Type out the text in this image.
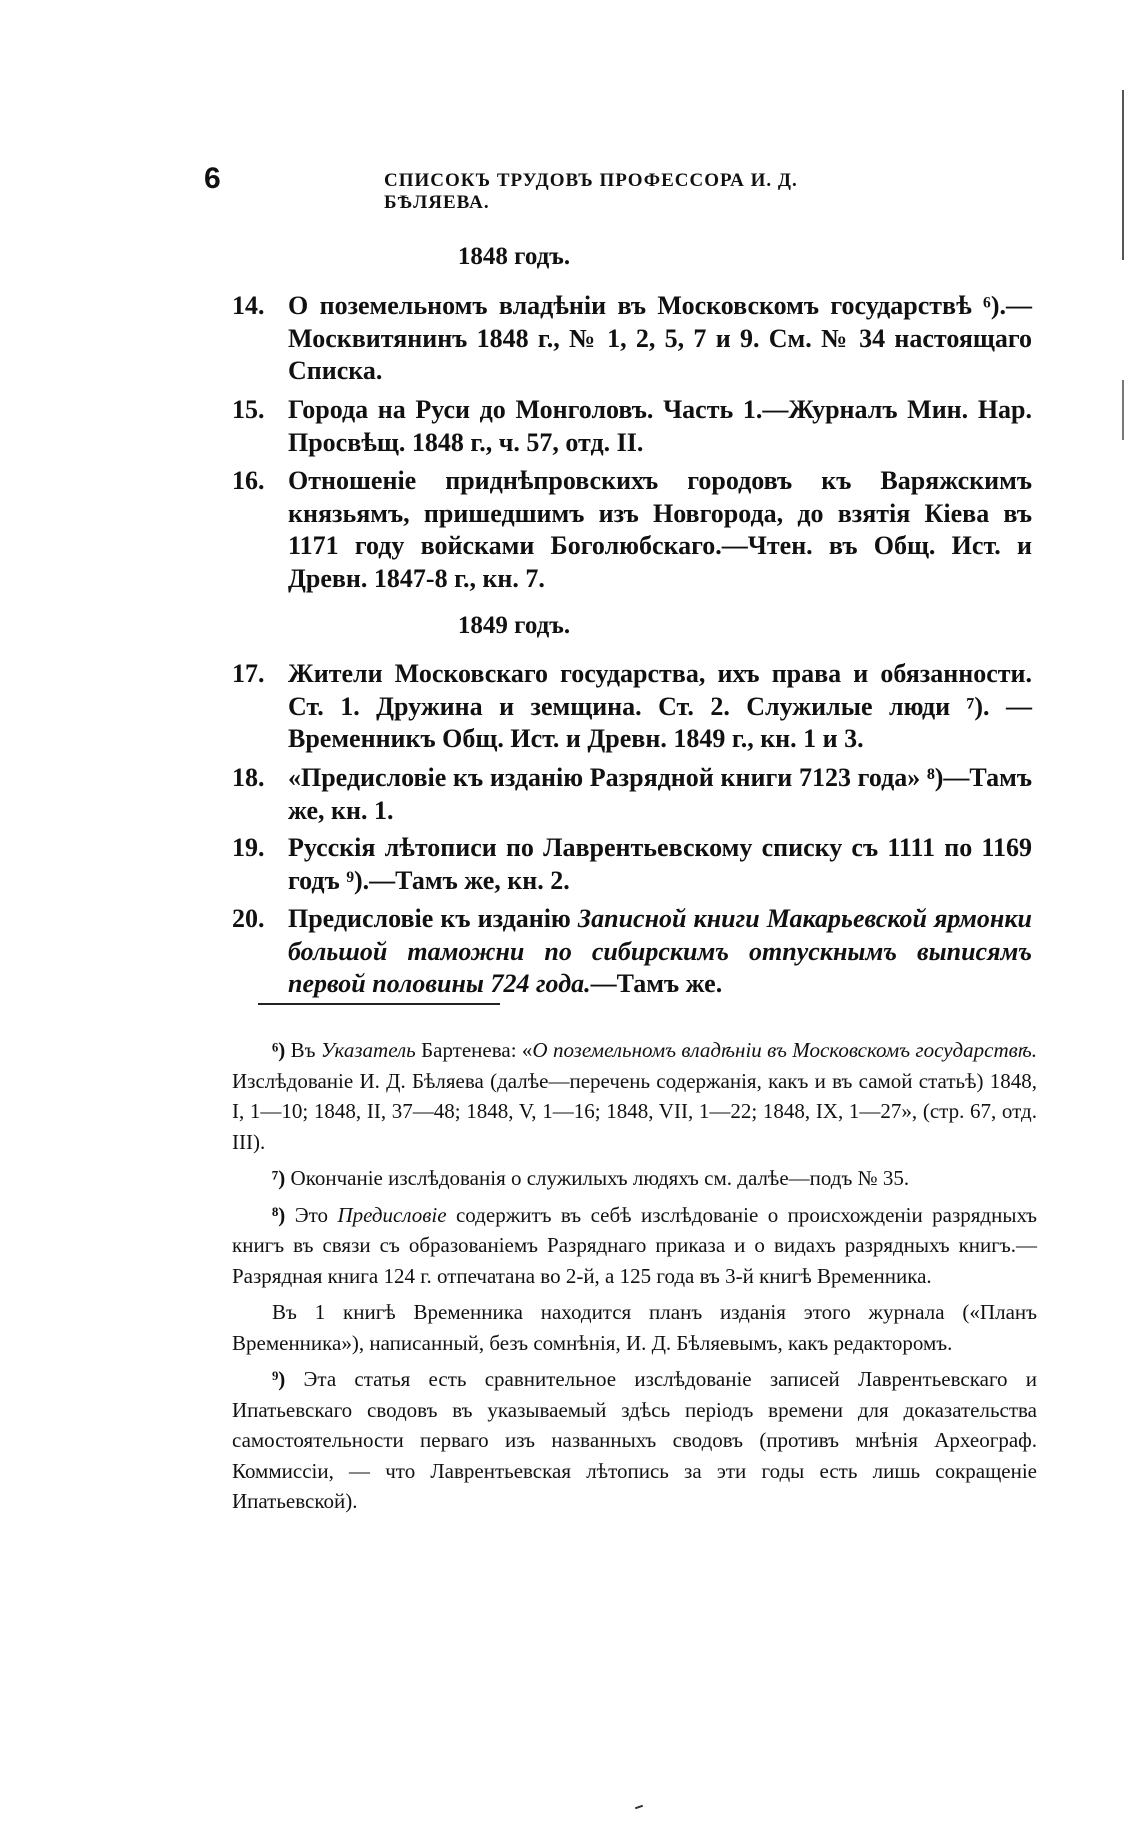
6	СПИСОКЪ ТРУДОВЪ ПРОФЕССОРА И. Д. БѢЛЯЕВА.
1848 годъ.
14. О поземельномъ владѣніи въ Московскомъ государствѣ ⁶).— Москвитянинъ 1848 г., № 1, 2, 5, 7 и 9. См. № 34 настоящаго Списка.
15. Города на Руси до Монголовъ. Часть 1.—Журналъ Мин. Нар. Просвѣщ. 1848 г., ч. 57, отд. II.
16. Отношеніе приднѣпровскихъ городовъ къ Варяжскимъ князьямъ, пришедшимъ изъ Новгорода, до взятія Кіева въ 1171 году войсками Боголюбскаго.—Чтен. въ Общ. Ист. и Древн. 1847-8 г., кн. 7.
1849 годъ.
17. Жители Московскаго государства, ихъ права и обязанности. Ст. 1. Дружина и земщина. Ст. 2. Служилые люди ⁷). — Временникъ Общ. Ист. и Древн. 1849 г., кн. 1 и 3.
18. «Предисловіе къ изданію Разрядной книги 7123 года» ⁸)—Тамъ же, кн. 1.
19. Русскія лѣтописи по Лаврентьевскому списку съ 1111 по 1169 годъ ⁹).—Тамъ же, кн. 2.
20. Предисловіе къ изданію Записной книги Макарьевской ярмонки большой таможни по сибирскимъ отпускнымъ выписямъ первой половины 724 года.—Тамъ же.

⁶) Въ Указатель Бартенева: «О поземельномъ владѣніи въ Московскомъ государствѣ. Изслѣдованіе И. Д. Бѣляева (далѣе—перечень содержанія, какъ и въ самой статьѣ) 1848, I, 1—10; 1848, II, 37—48; 1848, V, 1—16; 1848, VII, 1—22; 1848, IX, 1—27», (стр. 67, отд. III).

⁷) Окончаніе изслѣдованія о служилыхъ людяхъ см. далѣе—подъ № 35.

⁸) Это Предисловіе содержитъ въ себѣ изслѣдованіе о происхожденіи разрядныхъ книгъ въ связи съ образованіемъ Разряднаго приказа и о видахъ разрядныхъ книгъ.— Разрядная книга 124 г. отпечатана во 2-й, а 125 года въ 3-й книгѣ Временника.

Въ 1 книгѣ Временника находится планъ изданія этого журнала («Планъ Временника»), написанный, безъ сомнѣнія, И. Д. Бѣляевымъ, какъ редакторомъ.

⁹) Эта статья есть сравнительное изслѣдованіе записей Лаврентьевскаго и Ипатьевскаго сводовъ въ указываемый здѣсь періодъ времени для доказательства самостоятельности перваго изъ названныхъ сводовъ (противъ мнѣнія Археограф. Коммиссіи, — что Лаврентьевская лѣтопись за эти годы есть лишь сокращеніе Ипатьевской).
